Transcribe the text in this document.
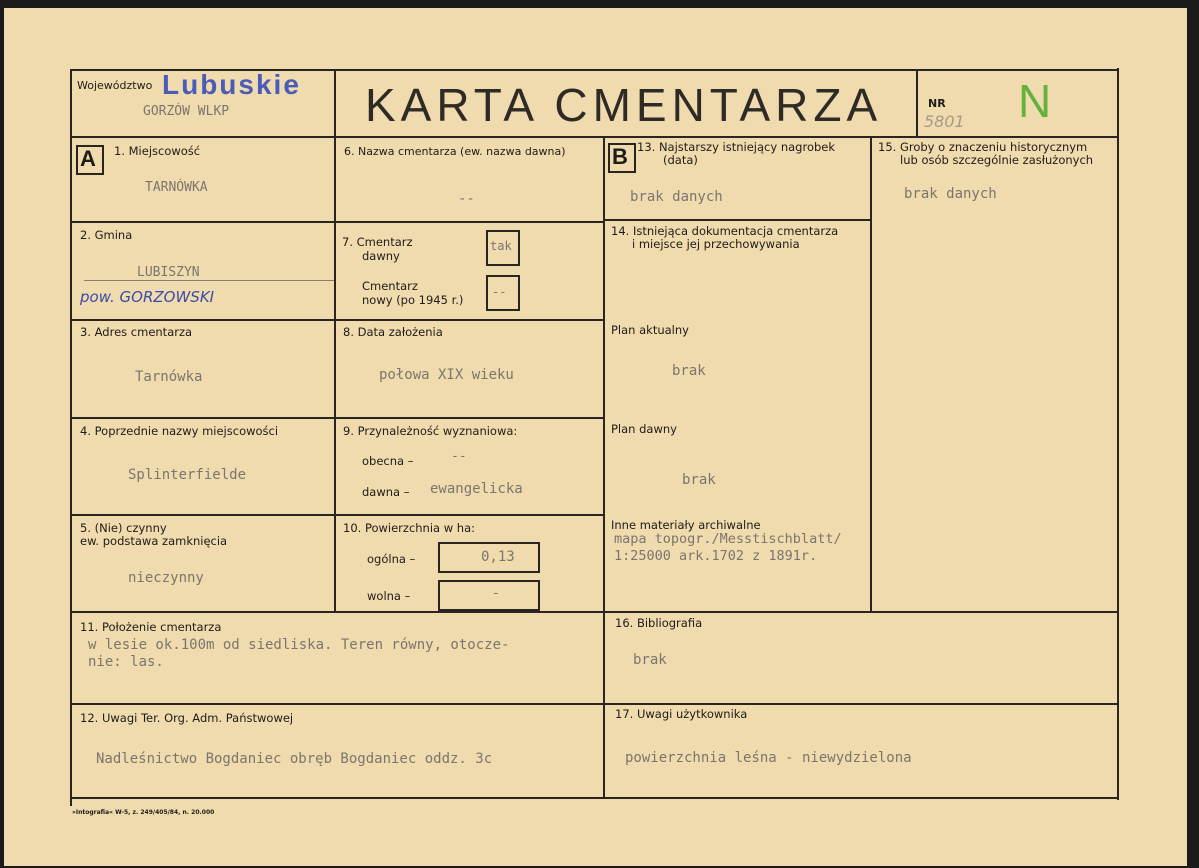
Województwo Lubuskie
GORZÓW WLKP	KARTA CMENTARZA	NR
5801 N
A 1. Miejscowość
TARNÓWKA
6. Nazwa cmentarza (ew. nazwa dawna)
--
2. Gmina
LUBISZYN
pow. GORZOWSKI
7. Cmentarz
dawny
tak
Cmentarz
nowy (po 1945 r.)
--
3. Adres cmentarza
Tarnówka
8. Data założenia
połowa XIX wieku
4. Poprzednie nazwy miejscowości
Splinterfielde
9. Przynależność wyznaniowa:
obecna –	--
dawna – ewangelicka
5. (Nie) czynny
ew. podstawa zamknięcia
nieczynny
10. Powierzchnia w ha:
ogólna –	0,13
wolna –	-
11. Położenie cmentarza
w lesie ok.100m od siedliska. Teren równy, otocze-
nie: las.
12. Uwagi Ter. Org. Adm. Państwowej
Nadleśnictwo Bogdaniec obręb Bogdaniec oddz. 3c
B 13. Najstarszy istniejący nagrobek
(data)
brak danych
14. Istniejąca dokumentacja cmentarza
i miejsce jej przechowywania
Plan aktualny
brak
Plan dawny
brak
Inne materiały archiwalne
mapa topogr./Messtischblatt/
1:25000 ark.1702 z 1891r.
15. Groby o znaczeniu historycznym
lub osób szczególnie zasłużonych
brak danych
16. Bibliografia
brak
17. Uwagi użytkownika
powierzchnia leśna - niewydzielona
»Intografia« W-5, z. 249/405/84, n. 20.000
